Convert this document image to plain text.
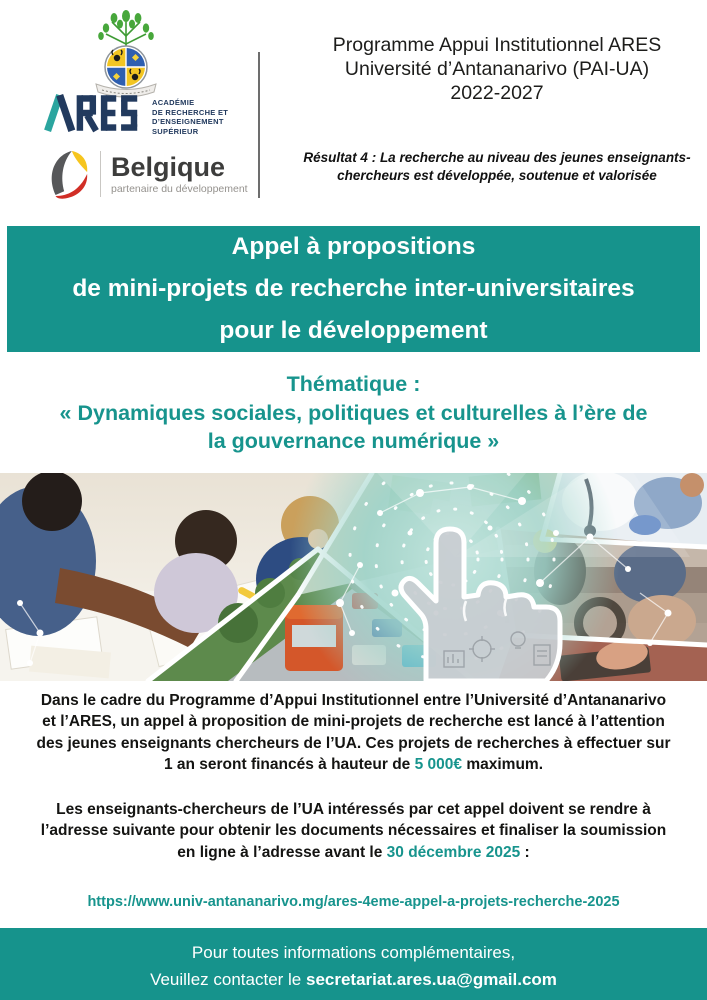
ACADÉMIE
DE RECHERCHE ET
D’ENSEIGNEMENT
SUPÉRIEUR
Belgique
partenaire du développement
Programme Appui Institutionnel ARES
Université d’Antananarivo (PAI-UA)
2022-2027
Résultat 4 : La recherche au niveau des jeunes enseignants-
chercheurs est développée, soutenue et valorisée
Appel à propositions
de mini-projets de recherche inter-universitaires
pour le développement
Thématique :
« Dynamiques sociales, politiques et culturelles à l’ère de
la gouvernance numérique »
Dans le cadre du Programme d’Appui Institutionnel entre l’Université d’Antananarivo
et l’ARES, un appel à proposition de mini-projets de recherche est lancé à l’attention
des jeunes enseignants chercheurs de l’UA. Ces projets de recherches à effectuer sur
1 an seront financés à hauteur de 5 000€ maximum.
Les enseignants-chercheurs de l’UA intéressés par cet appel doivent se rendre à
l’adresse suivante pour obtenir les documents nécessaires et finaliser la soumission
en ligne à l’adresse avant le 30 décembre 2025 :
https://www.univ-antananarivo.mg/ares-4eme-appel-a-projets-recherche-2025
Pour toutes informations complémentaires,
Veuillez contacter le secretariat.ares.ua@gmail.com
